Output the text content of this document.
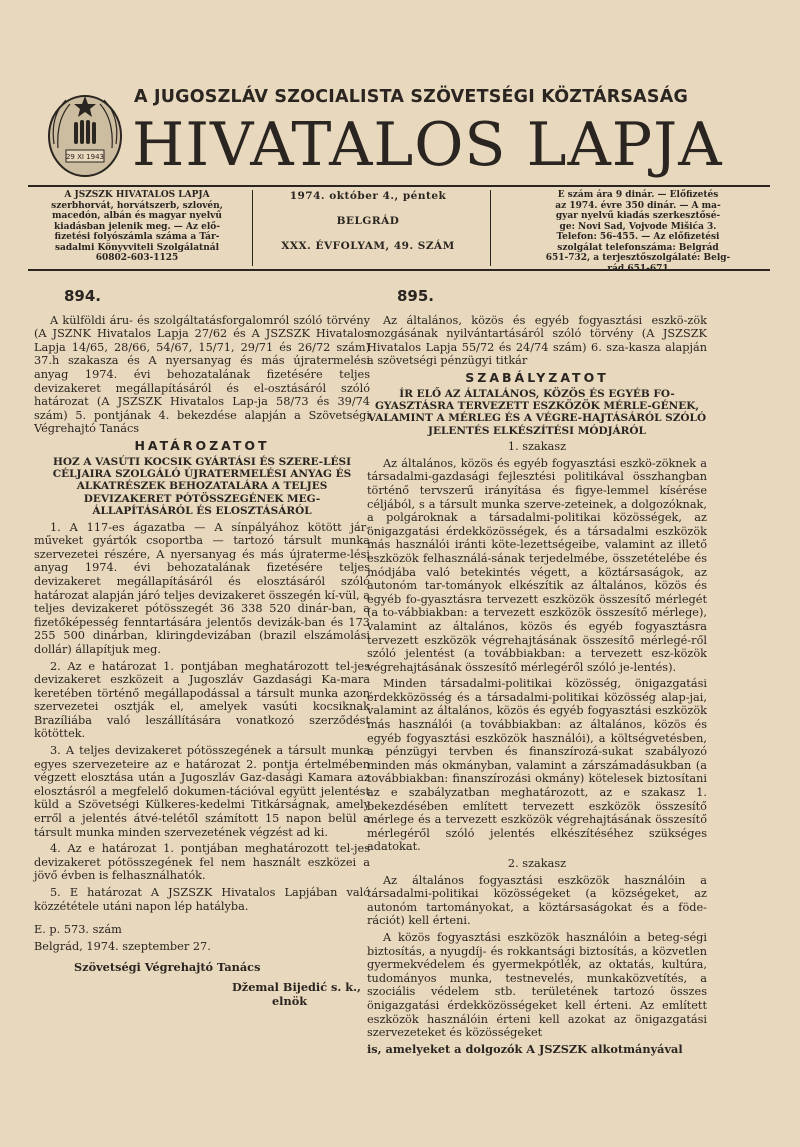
29 XI 1943
A JUGOSZLÁV SZOCIALISTA SZÖVETSÉGI KÖZTÁRSASÁG
HIVATALOS LAPJA
A JSZSZK HIVATALOS LAPJA
szerbhorvát, horvátszerb, szlovén,
macedón, albán és magyar nyelvű
kiadásban jelenik meg. — Az elő-
fizetési folyószámla száma a Tár-
sadalmi Könyvviteli Szolgálatnál
60802-603-1125
1974. október 4., péntek
BELGRÁD
XXX. ÉVFOLYAM, 49. SZÁM
E szám ára 9 dinár. — Előfizetés
az 1974. évre 350 dinár. — A ma-
gyar nyelvű kiadás szerkesztősé-
ge: Novi Sad, Vojvode Mišića 3.
Telefon: 56-455. — Az előfizetési
szolgálat telefonszáma: Belgrád
651-732, a terjesztőszolgálaté: Belg-
894.

A külföldi áru- és szolgáltatásforgalomról szóló törvény (A JSZNK Hivatalos Lapja 27/62 és A JSZSZK Hivatalos Lapja 14/65, 28/66, 54/67, 15/71, 29/71 és 26/72 szám) 37.h szakasza és A nyersanyag és más újratermelési anyag 1974. évi behozatalának fizetésére teljes devizakeret megállapításáról és el-osztásáról szóló határozat (A JSZSZK Hivatalos Lap-ja 58/73 és 39/74 szám) 5. pontjának 4. bekezdése alapján a Szövetségi Végrehajtó Tanács

HATÁROZATOT

HOZ A VASÚTI KOCSIK GYÁRTÁSI ÉS SZERE-LÉSI CÉLJAIRA SZOLGÁLÓ ÚJRATERMELÉSI ANYAG ÉS ALKATRÉSZEK BEHOZATALÁRA A TELJES DEVIZAKERET PÓTÖSSZEGÉNEK MEG-ÁLLAPÍTÁSÁRÓL ÉS ELOSZTÁSÁRÓL

1. A 117-es ágazatba — A sínpályához kötött jár-műveket gyártók csoportba — tartozó társult munka szervezetei részére, A nyersanyag és más újraterme-lési anyag 1974. évi behozatalának fizetésére teljes devizakeret megállapításáról és elosztásáról szóló határozat alapján járó teljes devizakeret összegén kí-vül, a teljes devizakeret pótösszegét 36 338 520 dinár-ban, a fizetőképesség fenntartására jelentős devizák-ban és 173 255 500 dinárban, kliringdevizában (brazil elszámolási dollár) állapítjuk meg.

2. Az e határozat 1. pontjában meghatározott tel-jes devizakeret eszközeit a Jugoszláv Gazdasági Ka-mara keretében történő megállapodással a társult munka azon szervezetei osztják el, amelyek vasúti kocsiknak Brazíliába való leszállítására vonatkozó szerződést kötöttek.

3. A teljes devizakeret pótösszegének a társult munka egyes szervezeteire az e határozat 2. pontja értelmében végzett elosztása után a Jugoszláv Gaz-dasági Kamara az elosztásról a megfelelő dokumen-tációval együtt jelentést küld a Szövetségi Külkeres-kedelmi Titkárságnak, amely erről a jelentés átvé-telétől számított 15 napon belül a társult munka minden szervezetének végzést ad ki.

4. Az e határozat 1. pontjában meghatározott tel-jes devizakeret pótösszegének fel nem használt eszközei a jövő évben is felhasználhatók.

5. E határozat A JSZSZK Hivatalos Lapjában való közzététele utáni napon lép hatályba.

E. p. 573. szám

Belgrád, 1974. szeptember 27.

Szövetségi Végrehajtó Tanács

Džemal Bijedić s. k.,

elnök

895.

Az általános, közös és egyéb fogyasztási eszkö-zök mozgásának nyilvántartásáról szóló törvény (A JSZSZK Hivatalos Lapja 55/72 és 24/74 szám) 6. sza-kasza alapján a szövetségi pénzügyi titkár

SZABÁLYZATOT

ÍR ELŐ AZ ÁLTALÁNOS, KÖZÖS ÉS EGYÉB FO-GYASZTÁSRA TERVEZETT ESZKÖZÖK MÉRLE-GÉNEK, VALAMINT A MÉRLEG ÉS A VÉGRE-HAJTÁSÁRÓL SZÓLÓ JELENTÉS ELKÉSZÍTÉSI MÓDJÁRÓL

1. szakasz

Az általános, közös és egyéb fogyasztási eszkö-zöknek a társadalmi-gazdasági fejlesztési politikával összhangban történő tervszerű irányítása és figye-lemmel kísérése céljából, s a társult munka szerve-zeteinek, a dolgozóknak, a polgároknak a társadalmi-politikai közösségek, az önigazgatási érdekközösségek, és a társadalmi eszközök más használói iránti köte-lezettségeibe, valamint az illető eszközök felhasználá-sának terjedelmébe, összetételébe és módjába való betekintés végett, a köztársaságok, az autonóm tar-tományok elkészítik az általános, közös és egyéb fo-gyasztásra tervezett eszközök összesítő mérlegét (a to-vábbiakban: a tervezett eszközök összesítő mérlege), valamint az általános, közös és egyéb fogyasztásra tervezett eszközök végrehajtásának összesítő mérlegé-ről szóló jelentést (a továbbiakban: a tervezett esz-közök végrehajtásának összesítő mérlegéről szóló je-lentés).

Minden társadalmi-politikai közösség, önigazgatási érdekközösség és a társadalmi-politikai közösség alap-jai, valamint az általános, közös és egyéb fogyasztási eszközök más használói (a továbbiakban: az általános, közös és egyéb fogyasztási eszközök használói), a költségvetésben, a pénzügyi tervben és finanszírozá-sukat szabályozó minden más okmányban, valamint a zárszámadásukban (a továbbiakban: finanszírozási okmány) kötelesek biztosítani az e szabályzatban meghatározott, az e szakasz 1. bekezdésében említett tervezett eszközök összesítő mérlege és a tervezett eszközök végrehajtásának összesítő mérlegéről szóló jelentés elkészítéséhez szükséges adatokat.

2. szakasz

Az általános fogyasztási eszközök használóin a társadalmi-politikai közösségeket (a községeket, az autonóm tartományokat, a köztársaságokat és a föde-rációt) kell érteni.

A közös fogyasztási eszközök használóin a beteg-ségi biztosítás, a nyugdíj- és rokkantsági biztosítás, a közvetlen gyermekvédelem és gyermekpótlék, az oktatás, kultúra, tudományos munka, testnevelés, munkaközvetítés, a szociális védelem stb. területének tartozó összes önigazgatási érdekközösségeket kell érteni. Az említett eszközök használóin érteni kell azokat az önigazgatási szervezeteket és közösségeket

is, amelyeket a dolgozók A JSZSZK alkotmányával
